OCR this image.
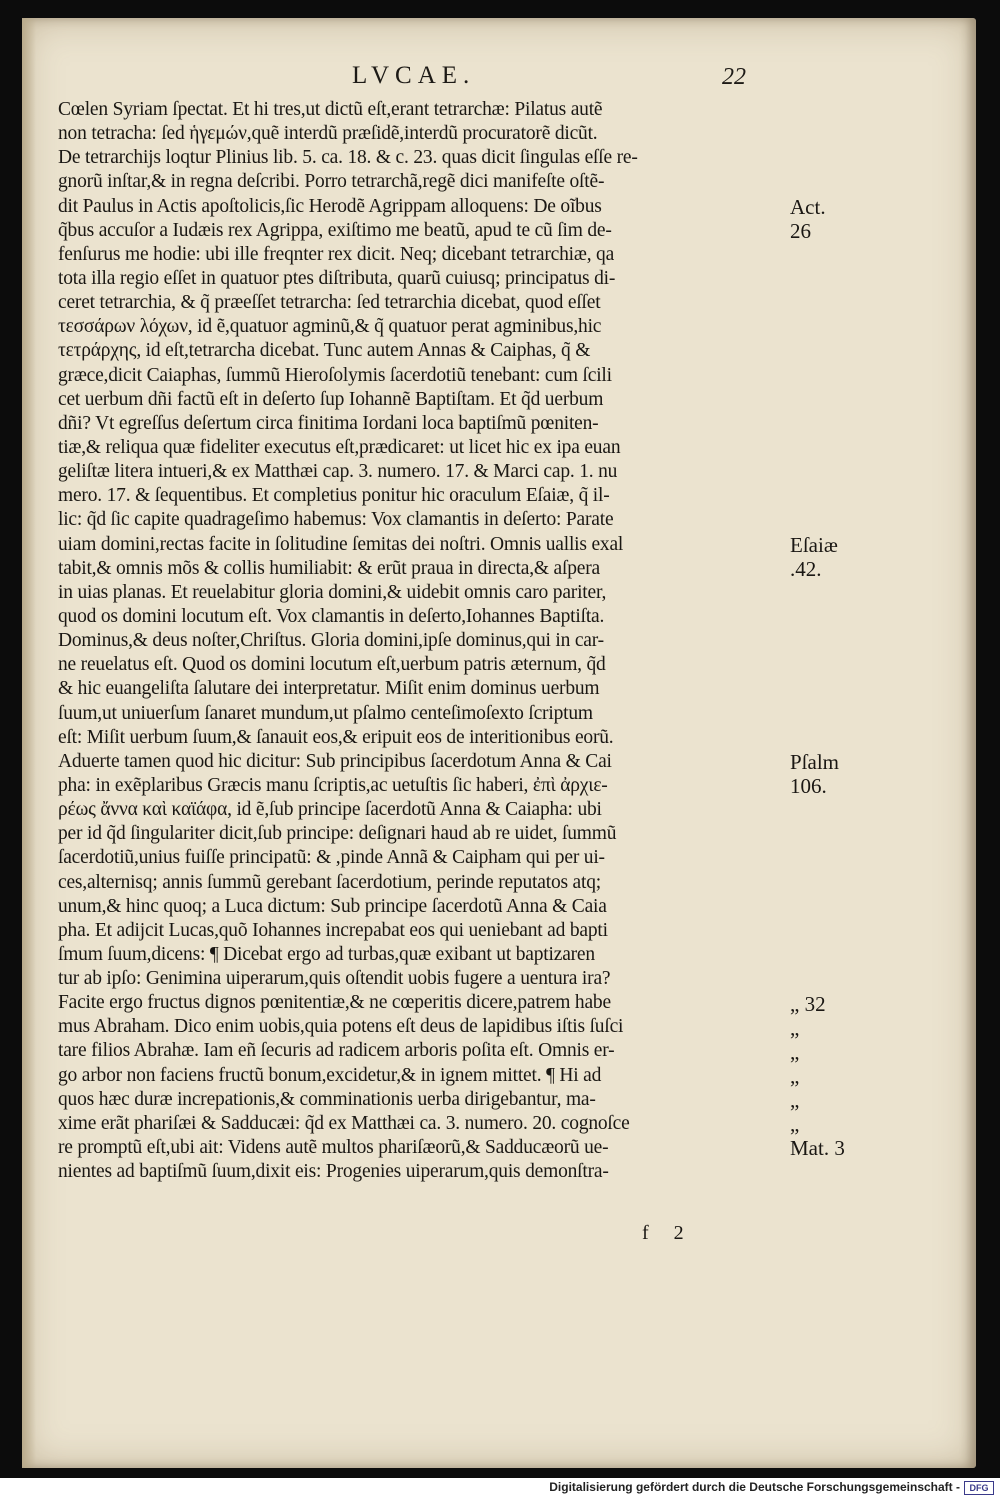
LVCAE.	22
Cœlen Syriam ſpectat. Et hi tres,ut dictũ eſt,erant tetrarchæ: Pilatus autẽ
non tetracha: ſed ἡγεμών,quẽ interdũ præſidẽ,interdũ procuratorẽ dicũt.
De tetrarchijs loqtur Plinius lib. 5. ca. 18. & c. 23. quas dicit ſingulas eſſe re-
gnorũ inſtar,& in regna deſcribi. Porro tetrarchã,regẽ dici manifeſte oſtẽ-
dit Paulus in Actis apoſtolicis,ſic Herodẽ Agrippam alloquens: De oĩbus
q̃bus accuſor a Iudæis rex Agrippa, exiſtimo me beatũ, apud te cũ ſim de-
fenſurus me hodie: ubi ille freqnter rex dicit. Neq; dicebant tetrarchiæ, qa
tota illa regio eſſet in quatuor ptes diſtributa, quarũ cuiusq; principatus di-
ceret tetrarchia, & q̃ præeſſet tetrarcha: ſed tetrarchia dicebat, quod eſſet
τεσσάρων λόχων, id ẽ,quatuor agminũ,& q̃ quatuor perat agminibus,hic
τετράρχης, id eſt,tetrarcha dicebat. Tunc autem Annas & Caiphas, q̃ &
græce,dicit Caiaphas, ſummũ Hieroſolymis ſacerdotiũ tenebant: cum ſcili
cet uerbum dñi factũ eſt in deſerto ſup Iohannẽ Baptiſtam. Et q̃d uerbum
dñi? Vt egreſſus deſertum circa finitima Iordani loca baptiſmũ pœniten-
tiæ,& reliqua quæ fideliter executus eſt,prædicaret: ut licet hic ex ipa euan
geliſtæ litera intueri,& ex Matthæi cap. 3. numero. 17. & Marci cap. 1. nu
mero. 17. & ſequentibus. Et completius ponitur hic oraculum Eſaiæ, q̃ il-
lic: q̃d ſic capite quadrageſimo habemus: Vox clamantis in deſerto: Parate
uiam domini,rectas facite in ſolitudine ſemitas dei noſtri. Omnis uallis exal
tabit,& omnis mõs & collis humiliabit: & erũt praua in directa,& aſpera
in uias planas. Et reuelabitur gloria domini,& uidebit omnis caro pariter,
quod os domini locutum eſt. Vox clamantis in deſerto,Iohannes Baptiſta.
Dominus,& deus noſter,Chriſtus. Gloria domini,ipſe dominus,qui in car-
ne reuelatus eſt. Quod os domini locutum eſt,uerbum patris æternum, q̃d
& hic euangeliſta ſalutare dei interpretatur. Miſit enim dominus uerbum
ſuum,ut uniuerſum ſanaret mundum,ut pſalmo centeſimoſexto ſcriptum
eſt: Miſit uerbum ſuum,& ſanauit eos,& eripuit eos de interitionibus eorũ.
Aduerte tamen quod hic dicitur: Sub principibus ſacerdotum Anna & Cai
pha: in exẽplaribus Græcis manu ſcriptis,ac uetuſtis ſic haberi, ἐπὶ ἀρχιε-
ρέως ἄννα καὶ καϊάφα, id ẽ,ſub principe ſacerdotũ Anna & Caiapha: ubi
per id q̃d ſingulariter dicit,ſub principe: deſignari haud ab re uidet, ſummũ
ſacerdotiũ,unius fuiſſe principatũ: & ,pinde Annã & Caipham qui per ui-
ces,alternisq; annis ſummũ gerebant ſacerdotium, perinde reputatos atq;
unum,& hinc quoq; a Luca dictum: Sub principe ſacerdotũ Anna & Caia
pha. Et adijcit Lucas,quõ Iohannes increpabat eos qui ueniebant ad bapti
ſmum ſuum,dicens: ¶ Dicebat ergo ad turbas,quæ exibant ut baptizaren
tur ab ipſo: Genimina uiperarum,quis oſtendit uobis fugere a uentura ira?
Facite ergo fructus dignos pœnitentiæ,& ne cœperitis dicere,patrem habe
mus Abraham. Dico enim uobis,quia potens eſt deus de lapidibus iſtis ſuſci
tare filios Abrahæ. Iam eñ ſecuris ad radicem arboris poſita eſt. Omnis er-
go arbor non faciens fructũ bonum,excidetur,& in ignem mittet. ¶ Hi ad
quos hæc duræ increpationis,& comminationis uerba dirigebantur, ma-
xime erãt phariſæi & Sadducæi: q̃d ex Matthæi ca. 3. numero. 20. cognoſce
re promptũ eſt,ubi ait: Videns autẽ multos phariſæorũ,& Sadducæorũ ue-
nientes ad baptiſmũ ſuum,dixit eis: Progenies uiperarum,quis demonſtra-
Act.
26
Eſaiæ
.42.
Pſalm
106.
„ 32
„
„
„
„
„
Mat. 3
f 2
Digitalisierung gefördert durch die Deutsche Forschungsgemeinschaft -	DFG
